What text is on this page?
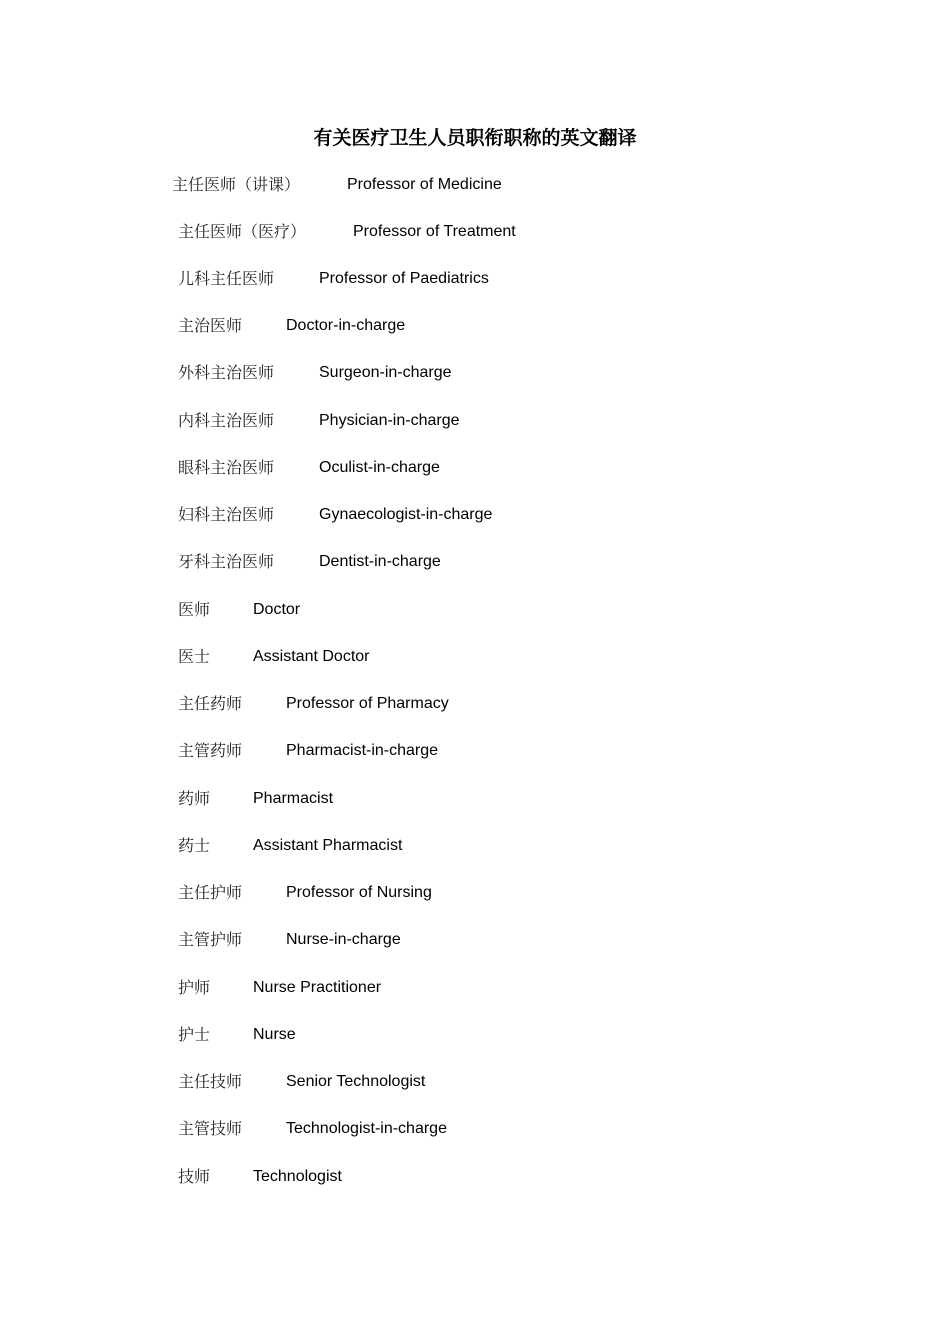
有关医疗卫生人员职衔职称的英文翻译
主任医师（讲课）	Professor of Medicine
主任医师（医疗）	Professor of Treatment
儿科主任医师	Professor of Paediatrics
主治医师	Doctor-in-charge
外科主治医师	Surgeon-in-charge
内科主治医师	Physician-in-charge
眼科主治医师	Oculist-in-charge
妇科主治医师	Gynaecologist-in-charge
牙科主治医师	Dentist-in-charge
医师	Doctor
医士	Assistant Doctor
主任药师	Professor of Pharmacy
主管药师	Pharmacist-in-charge
药师	Pharmacist
药士	Assistant Pharmacist
主任护师	Professor of Nursing
主管护师	Nurse-in-charge
护师	Nurse Practitioner
护士	Nurse
主任技师	Senior Technologist
主管技师	Technologist-in-charge
技师	Technologist
